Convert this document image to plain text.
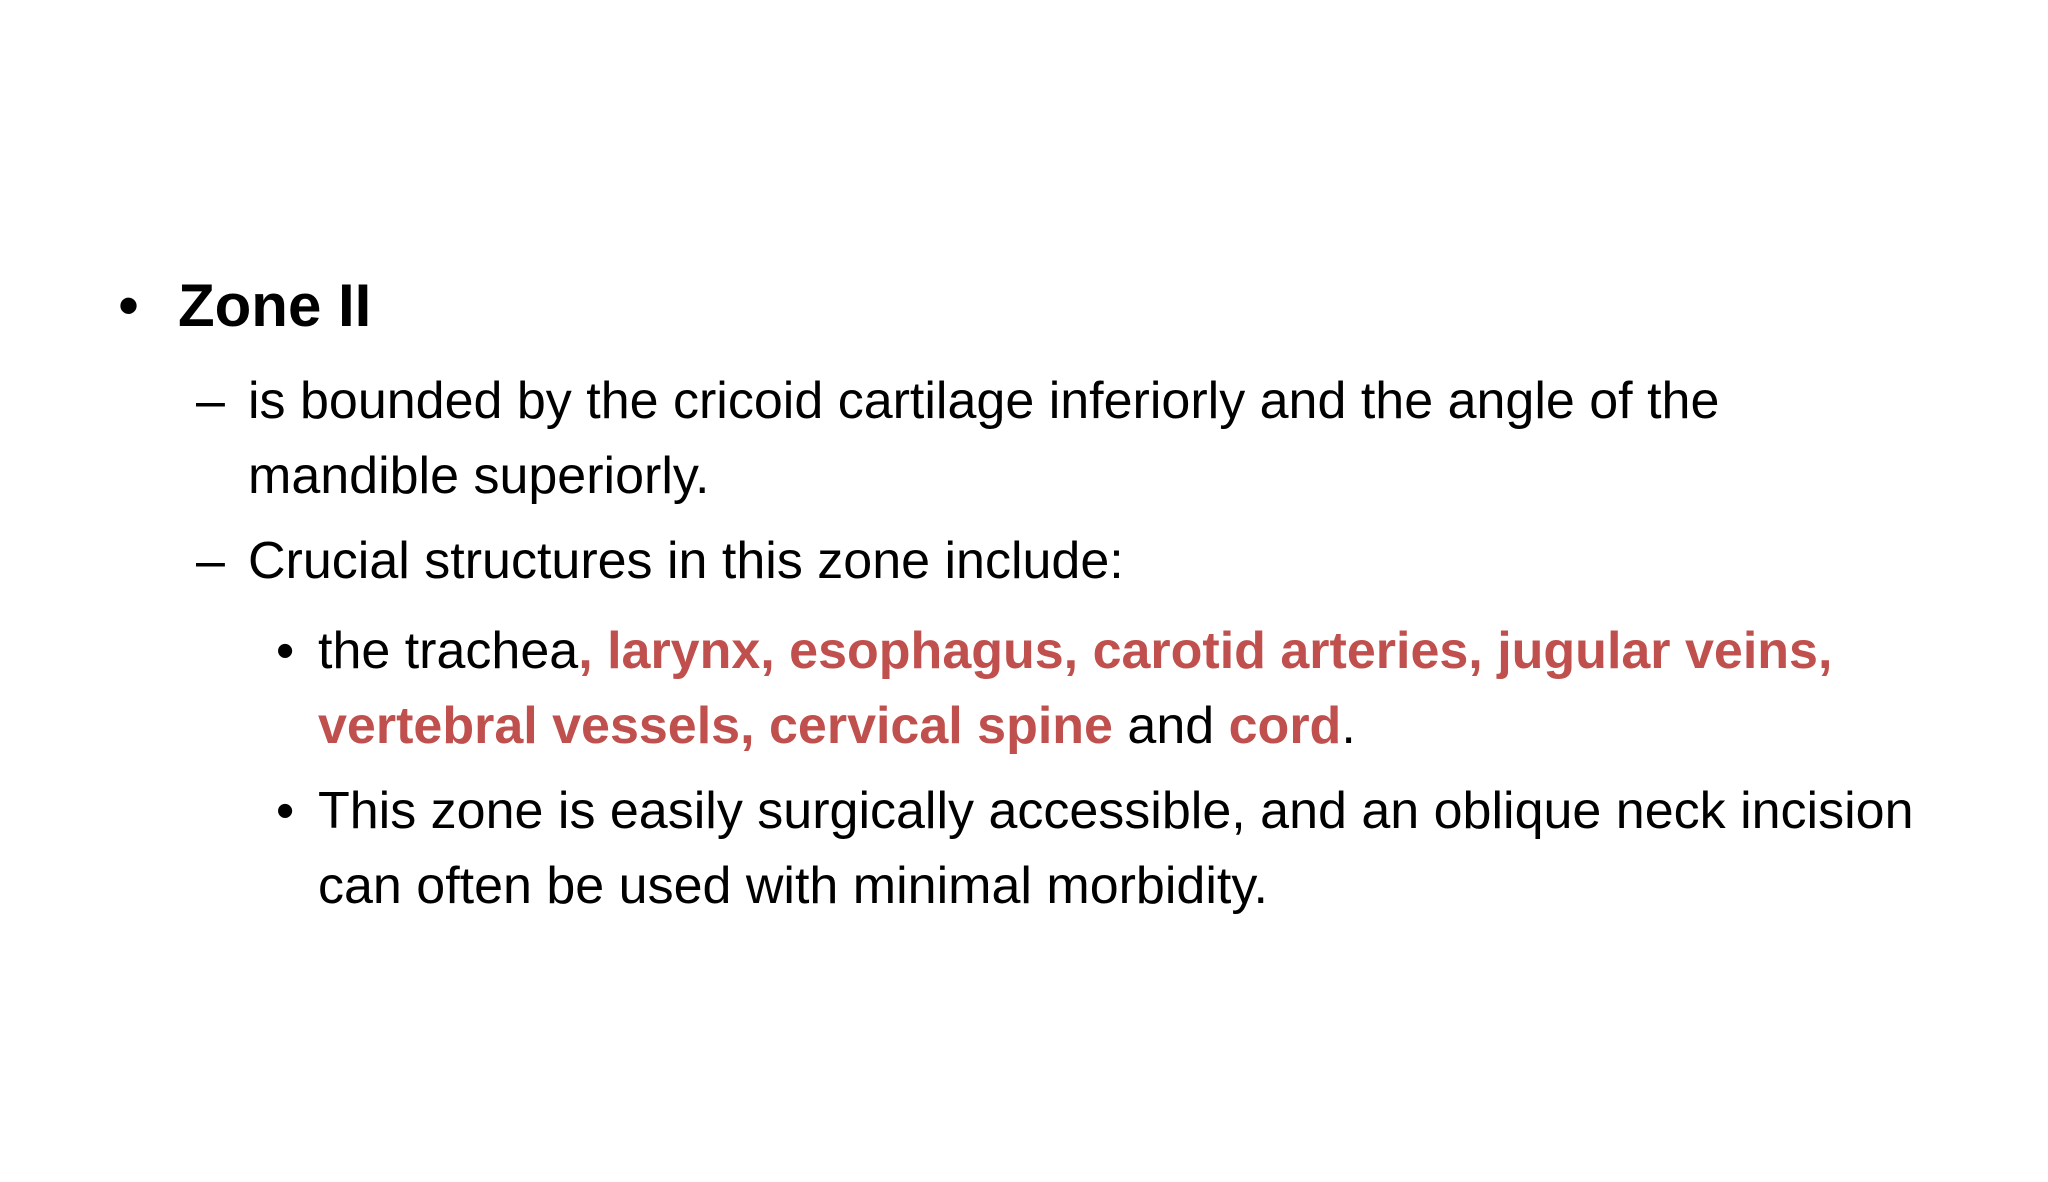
• Zone II
– is bounded by the cricoid cartilage inferiorly and the angle of the mandible superiorly.
– Crucial structures in this zone include:
• the trachea, larynx, esophagus, carotid arteries, jugular veins, vertebral vessels, cervical spine and cord.
• This zone is easily surgically accessible, and an oblique neck incision can often be used with minimal morbidity.
